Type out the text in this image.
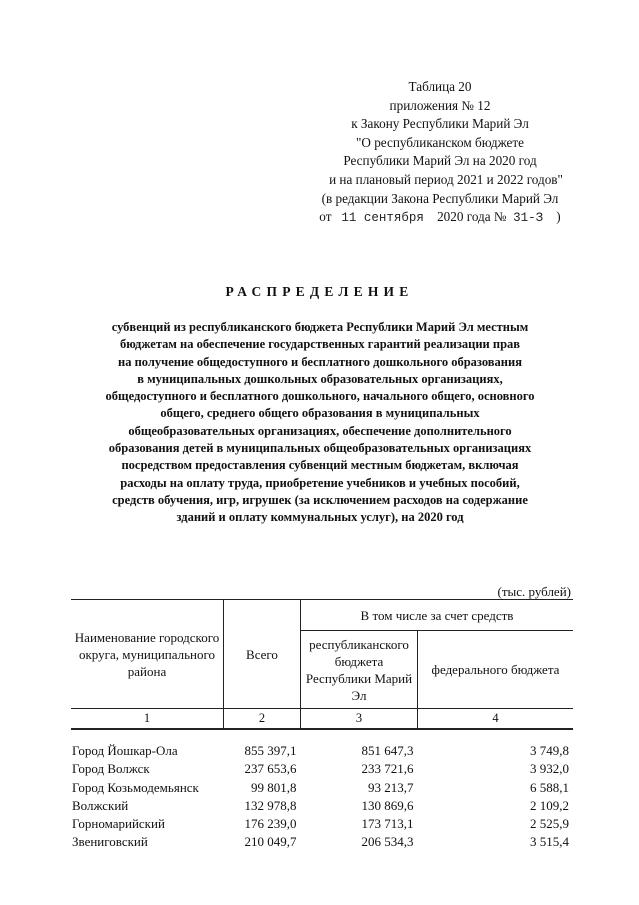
Таблица 20
приложения № 12
к Закону Республики Марий Эл
"О республиканском бюджете
Республики Марий Эл на 2020 год
и на плановый период 2021 и 2022 годов"
(в редакции Закона Республики Марий Эл
от 11 сентября 2020 года № 31-З )
РАСПРЕДЕЛЕНИЕ
субвенций из республиканского бюджета Республики Марий Эл местным
бюджетам на обеспечение государственных гарантий реализации прав
на получение общедоступного и бесплатного дошкольного образования
в муниципальных дошкольных образовательных организациях,
общедоступного и бесплатного дошкольного, начального общего, основного
общего, среднего общего образования в муниципальных
общеобразовательных организациях, обеспечение дополнительного
образования детей в муниципальных общеобразовательных организациях
посредством предоставления субвенций местным бюджетам, включая
расходы на оплату труда, приобретение учебников и учебных пособий,
средств обучения, игр, игрушек (за исключением расходов на содержание
зданий и оплату коммунальных услуг), на 2020 год
(тыс. рублей)
Наименование городского округа, муниципального района	Всего	В том числе за счет средств	
		республиканского бюджета Республики Марий Эл	федерального бюджета
1	2	3	4

Город Йошкар-Ола	855 397,1	851 647,3	3 749,8
Город Волжск	237 653,6	233 721,6	3 932,0
Город Козьмодемьянск	99 801,8	93 213,7	6 588,1
Волжский	132 978,8	130 869,6	2 109,2
Горномарийский	176 239,0	173 713,1	2 525,9
Звениговский	210 049,7	206 534,3	3 515,4
